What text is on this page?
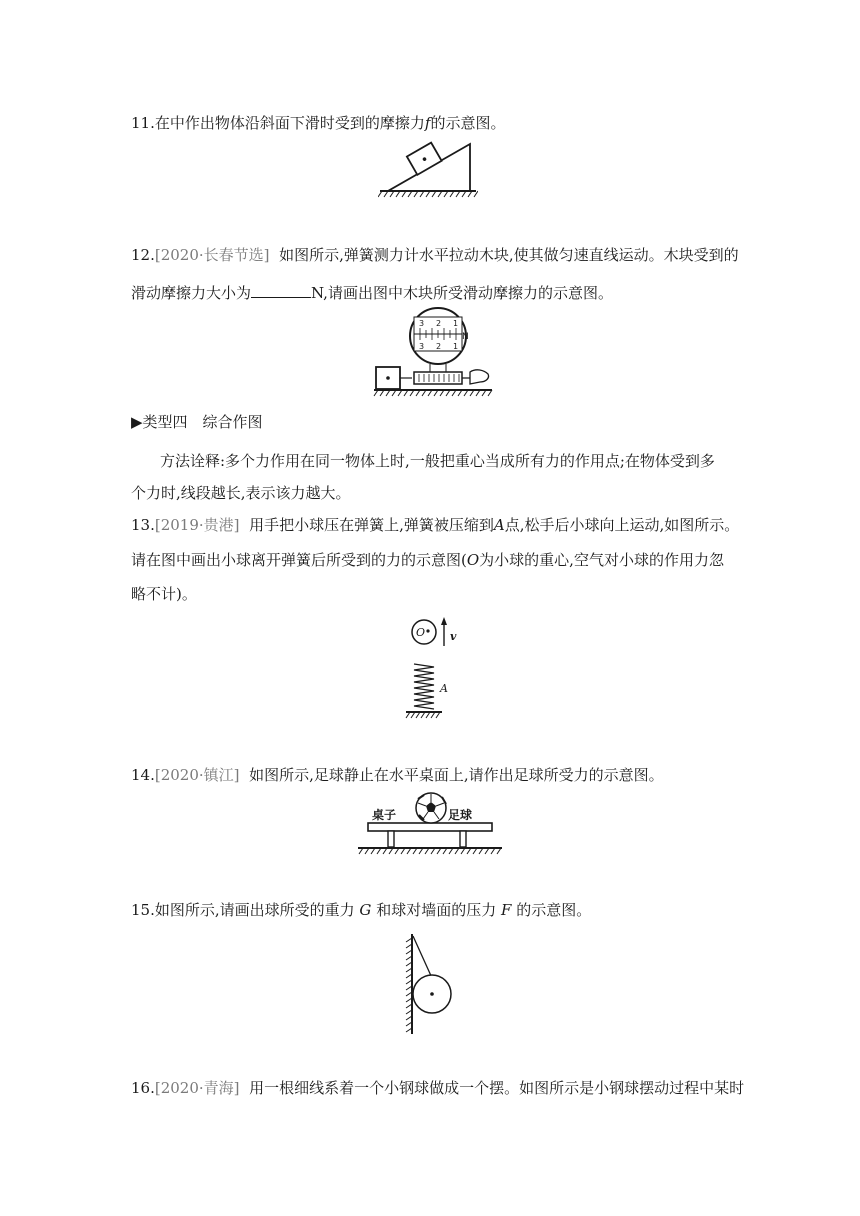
11.在中作出物体沿斜面下滑时受到的摩擦力f的示意图。
12.[2020·长春节选] 如图所示,弹簧测力计水平拉动木块,使其做匀速直线运动。木块受到的
滑动摩擦力大小为	N,请画出图中木块所受滑动摩擦力的示意图。
3 2 1
3 2 1
N
▶类型四　综合作图
方法诠释:多个力作用在同一物体上时,一般把重心当成所有力的作用点;在物体受到多
个力时,线段越长,表示该力越大。
13.[2019·贵港] 用手把小球压在弹簧上,弹簧被压缩到A点,松手后小球向上运动,如图所示。
请在图中画出小球离开弹簧后所受到的力的示意图(O为小球的重心,空气对小球的作用力忽
略不计)。
O v
A
14.[2020·镇江] 如图所示,足球静止在水平桌面上,请作出足球所受力的示意图。
桌子	足球
15.如图所示,请画出球所受的重力 G 和球对墙面的压力 F 的示意图。
16.[2020·青海] 用一根细线系着一个小钢球做成一个摆。如图所示是小钢球摆动过程中某时
